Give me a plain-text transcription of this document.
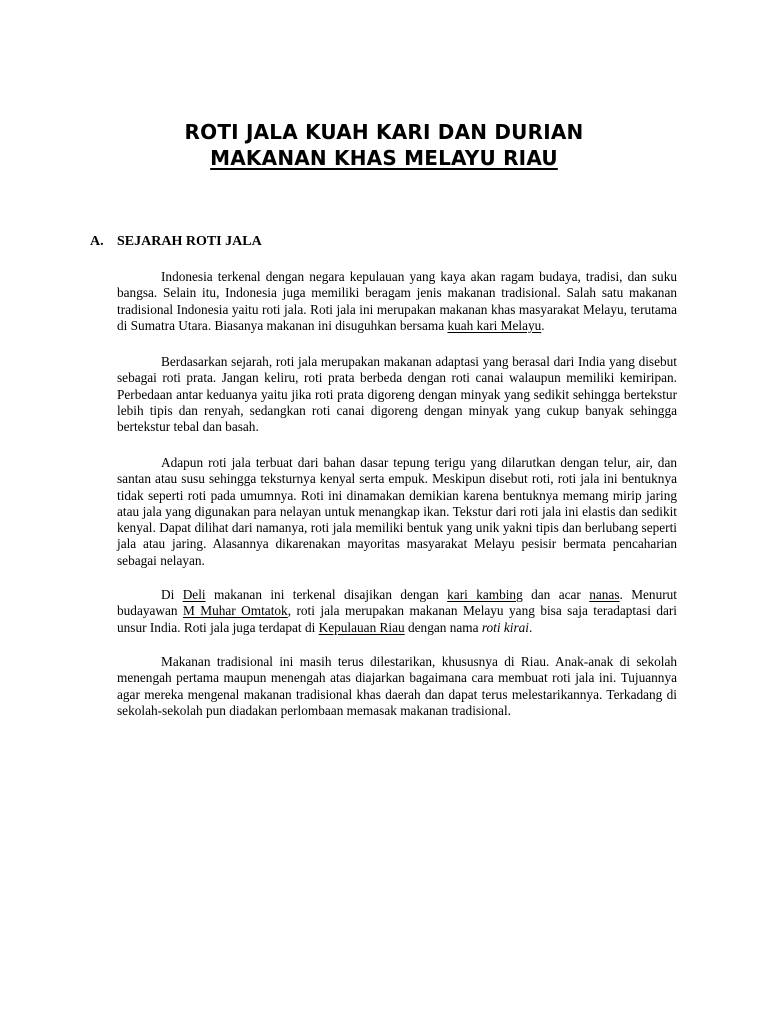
ROTI JALA KUAH KARI DAN DURIAN
MAKANAN KHAS MELAYU RIAU
A. SEJARAH ROTI JALA

Indonesia terkenal dengan negara kepulauan yang kaya akan ragam budaya, tradisi, dan suku bangsa. Selain itu, Indonesia juga memiliki beragam jenis makanan tradisional. Salah satu makanan tradisional Indonesia yaitu roti jala. Roti jala ini merupakan makanan khas masyarakat Melayu, terutama di Sumatra Utara. Biasanya makanan ini disuguhkan bersama kuah kari Melayu.

Berdasarkan sejarah, roti jala merupakan makanan adaptasi yang berasal dari India yang disebut sebagai roti prata. Jangan keliru, roti prata berbeda dengan roti canai walaupun memiliki kemiripan. Perbedaan antar keduanya yaitu jika roti prata digoreng dengan minyak yang sedikit sehingga bertekstur lebih tipis dan renyah, sedangkan roti canai digoreng dengan minyak yang cukup banyak sehingga bertekstur tebal dan basah.

Adapun roti jala terbuat dari bahan dasar tepung terigu yang dilarutkan dengan telur, air, dan santan atau susu sehingga teksturnya kenyal serta empuk. Meskipun disebut roti, roti jala ini bentuknya tidak seperti roti pada umumnya. Roti ini dinamakan demikian karena bentuknya memang mirip jaring atau jala yang digunakan para nelayan untuk menangkap ikan. Tekstur dari roti jala ini elastis dan sedikit kenyal. Dapat dilihat dari namanya, roti jala memiliki bentuk yang unik yakni tipis dan berlubang seperti jala atau jaring. Alasannya dikarenakan mayoritas masyarakat Melayu pesisir bermata pencaharian sebagai nelayan.

Di Deli makanan ini terkenal disajikan dengan kari kambing dan acar nanas. Menurut budayawan M Muhar Omtatok, roti jala merupakan makanan Melayu yang bisa saja teradaptasi dari unsur India. Roti jala juga terdapat di Kepulauan Riau dengan nama roti kirai.

Makanan tradisional ini masih terus dilestarikan, khususnya di Riau. Anak-anak di sekolah menengah pertama maupun menengah atas diajarkan bagaimana cara membuat roti jala ini. Tujuannya agar mereka mengenal makanan tradisional khas daerah dan dapat terus melestarikannya. Terkadang di sekolah-sekolah pun diadakan perlombaan memasak makanan tradisional.
